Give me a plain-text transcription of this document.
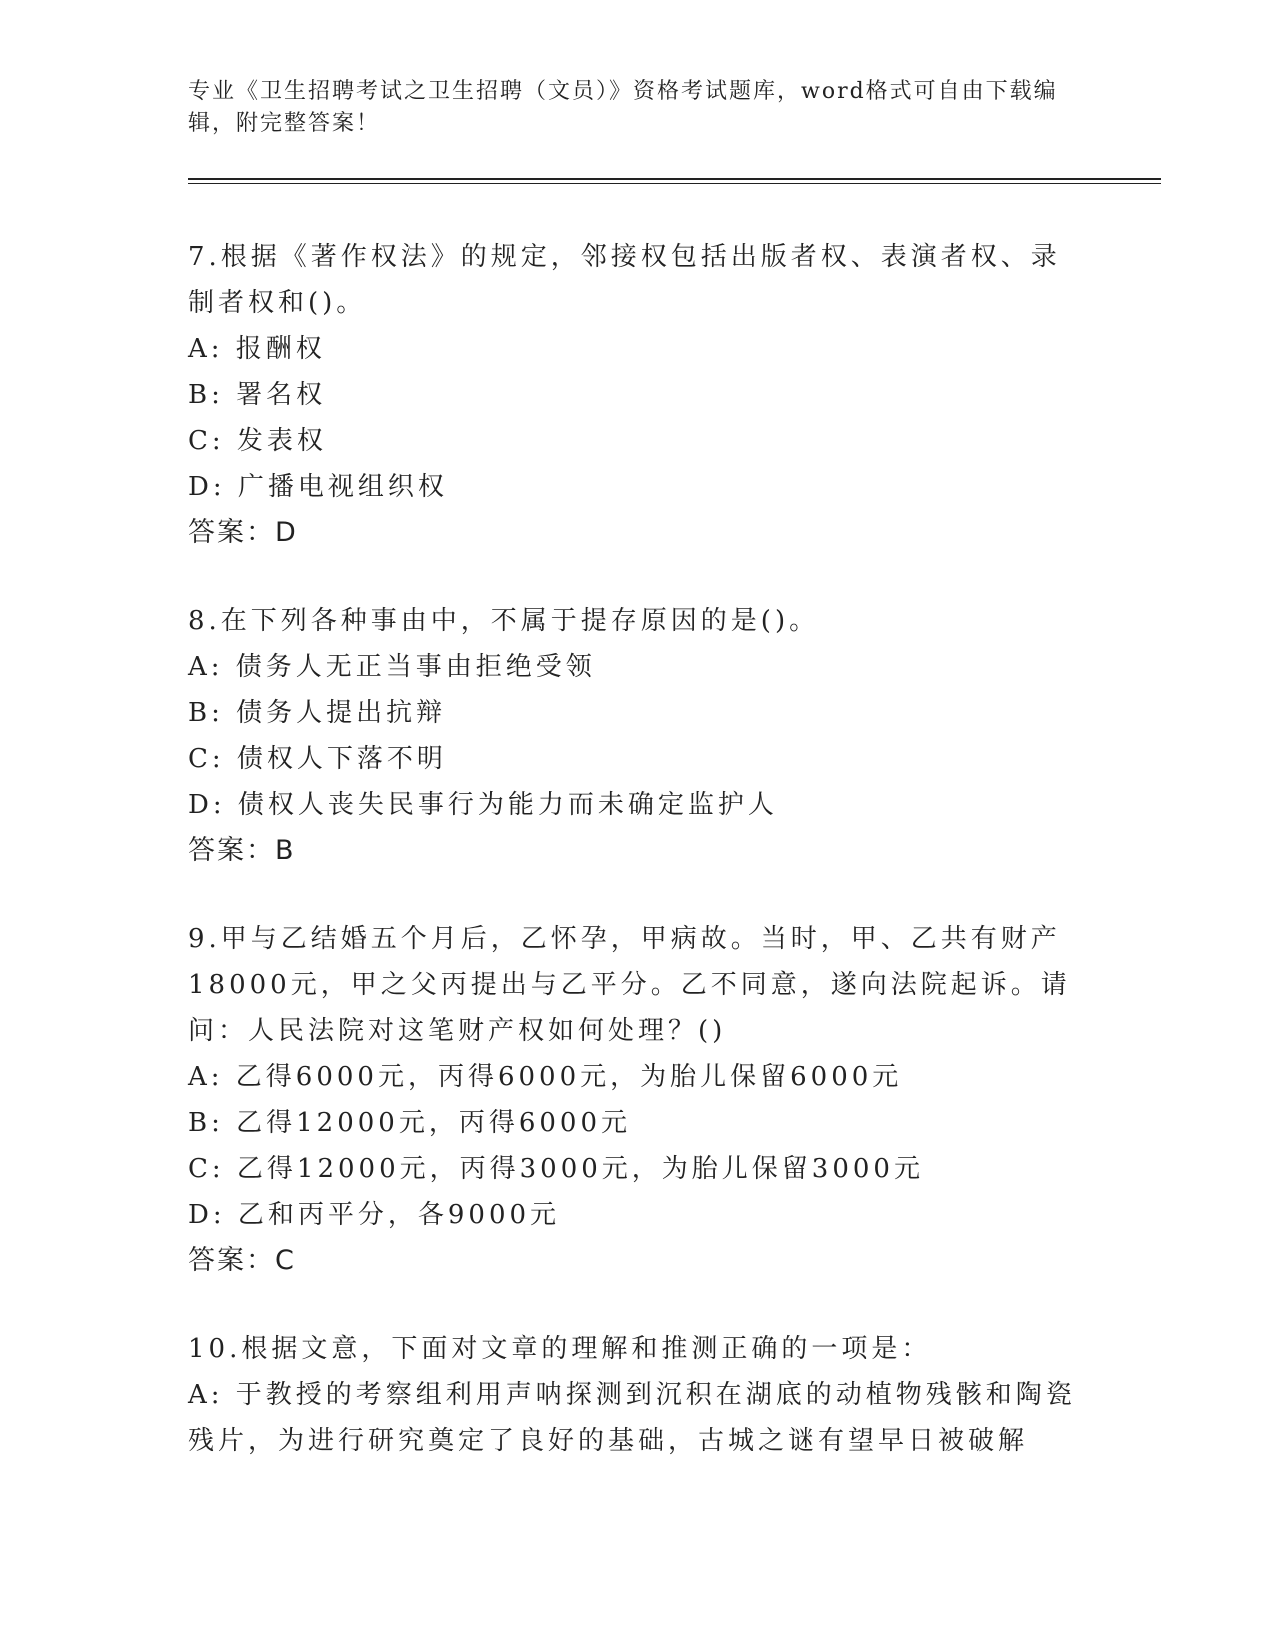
专业《卫生招聘考试之卫生招聘（文员）》资格考试题库，word格式可自由下载编辑，附完整答案！

7.根据《著作权法》的规定，邻接权包括出版者权、表演者权、录制者权和()。

A: 报酬权

B: 署名权

C: 发表权

D: 广播电视组织权

答案：D

8.在下列各种事由中，不属于提存原因的是()。

A: 债务人无正当事由拒绝受领

B: 债务人提出抗辩

C: 债权人下落不明

D: 债权人丧失民事行为能力而未确定监护人

答案：B

9.甲与乙结婚五个月后，乙怀孕，甲病故。当时，甲、乙共有财产18000元，甲之父丙提出与乙平分。乙不同意，遂向法院起诉。请问：人民法院对这笔财产权如何处理？()

A: 乙得6000元，丙得6000元，为胎儿保留6000元

B: 乙得12000元，丙得6000元

C: 乙得12000元，丙得3000元，为胎儿保留3000元

D: 乙和丙平分，各9000元

答案：C

10.根据文意，下面对文章的理解和推测正确的一项是：

A: 于教授的考察组利用声呐探测到沉积在湖底的动植物残骸和陶瓷残片，为进行研究奠定了良好的基础，古城之谜有望早日被破解
